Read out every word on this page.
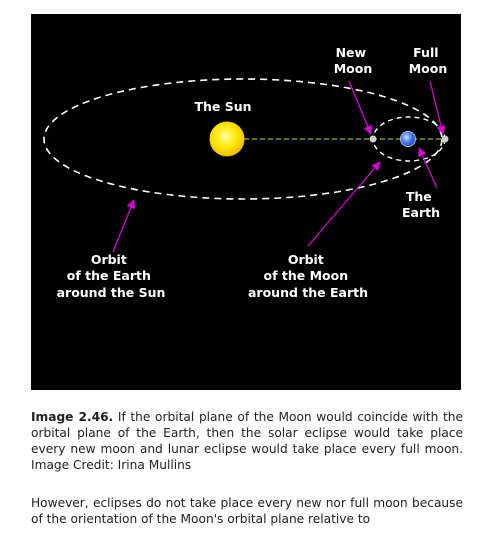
The Sun
New Moon
Full Moon
The Earth
Orbit of the Earth around the Sun
Orbit of the Moon around the Earth

Image 2.46. If the orbital plane of the Moon would coincide with the orbital plane of the Earth, then the solar eclipse would take place every new moon and lunar eclipse would take place every full moon. Image Credit: Irina Mullins

However, eclipses do not take place every new nor full moon because of the orientation of the Moon's orbital plane relative to
